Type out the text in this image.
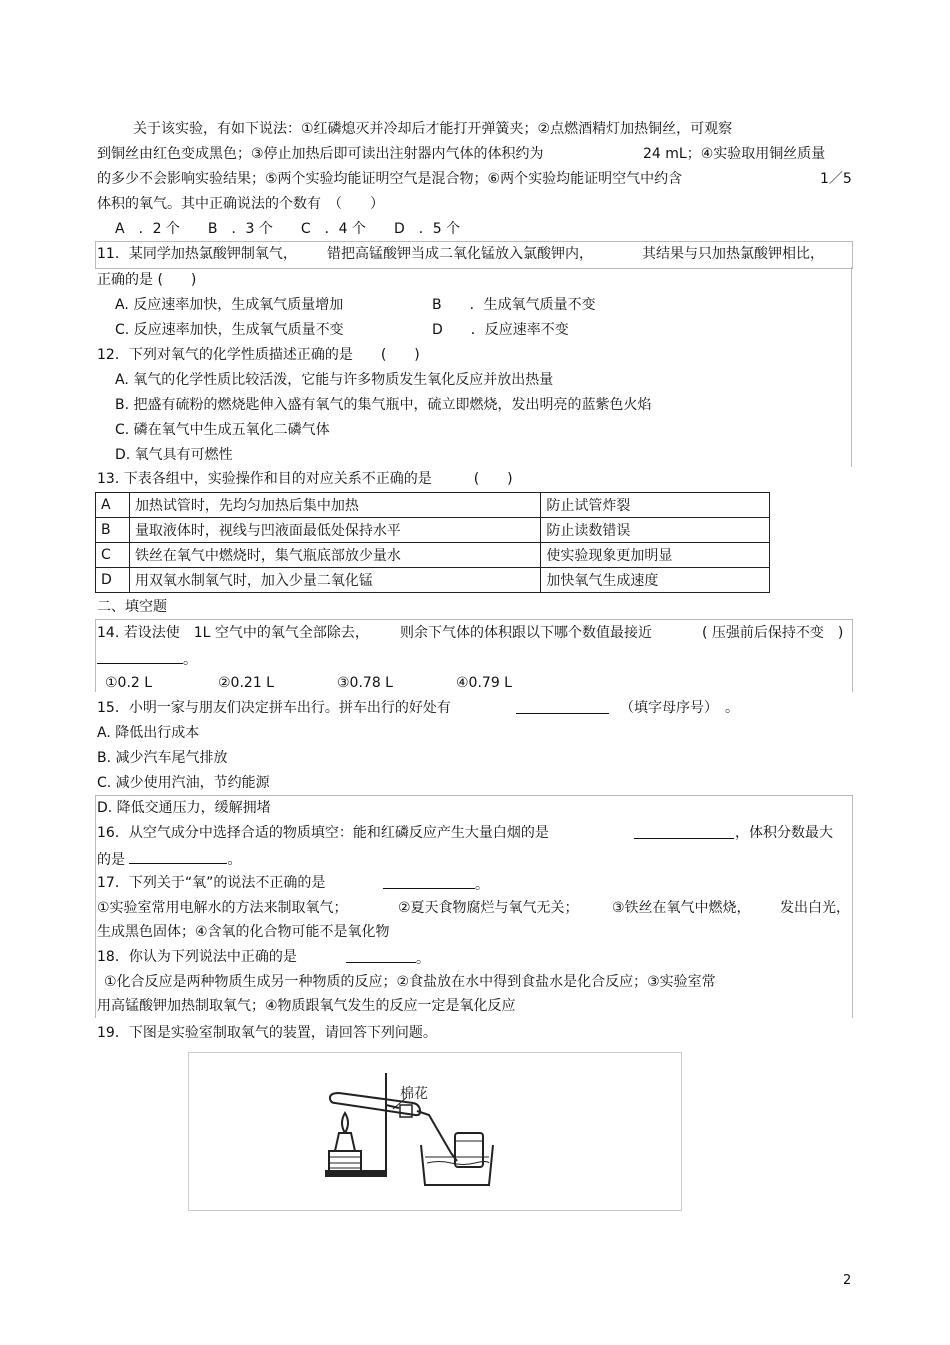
关于该实验，有如下说法：①红磷熄灭并冷却后才能打开弹簧夹；②点燃酒精灯加热铜丝，可观察
到铜丝由红色变成黑色；③停止加热后即可读出注射器内气体的体积约为	24 mL；④实验取用铜丝质量
的多少不会影响实验结果；⑤两个实验均能证明空气是混合物；⑥两个实验均能证明空气中约含	1／5
体积的氧气。其中正确说法的个数有　（　　）
A　．2 个　　B　．3 个　　C　．4 个　　D　．5 个
11．某同学加热氯酸钾制氧气， 错把高锰酸钾当成二氧化锰放入氯酸钾内，	其结果与只加热氯酸钾相比，
正确的是 (　　)
A. 反应速率加快，生成氧气质量增加	B　　．生成氧气质量不变
C. 反应速率加快，生成氧气质量不变	D　　．反应速率不变
12．下列对氧气的化学性质描述正确的是　　(　　)
A. 氧气的化学性质比较活泼，它能与许多物质发生氧化反应并放出热量
B. 把盛有硫粉的燃烧匙伸入盛有氧气的集气瓶中，硫立即燃烧，发出明亮的蓝紫色火焰
C. 磷在氧气中生成五氧化二磷气体
D. 氧气具有可燃性
13. 下表各组中，实验操作和目的对应关系不正确的是　　　(　　)
A	加热试管时，先均匀加热后集中加热	防止试管炸裂
B	量取液体时，视线与凹液面最低处保持水平	防止读数错误
C	铁丝在氧气中燃烧时，集气瓶底部放少量水	使实验现象更加明显
D	用双氧水制氧气时，加入少量二氧化锰	加快氧气生成速度
二、填空题
14. 若设法使　1L 空气中的氧气全部除去， 则余下气体的体积跟以下哪个数值最接近	( 压强前后保持不变　)
。
①0.2 L	②0.21 L	③0.78 L	④0.79 L
15．小明一家与朋友们决定拼车出行。拼车出行的好处有	（填字母序号）　。
A. 降低出行成本
B. 减少汽车尾气排放
C. 减少使用汽油，节约能源
D. 降低交通压力，缓解拥堵
16．从空气成分中选择合适的物质填空：能和红磷反应产生大量白烟的是	，体积分数最大
的是	。
17．下列关于“氧”的说法不正确的是	。
①实验室常用电解水的方法来制取氧气；	②夏天食物腐烂与氧气无关； ③铁丝在氧气中燃烧， 发出白光，
生成黑色固体；④含氧的化合物可能不是氧化物
18．你认为下列说法中正确的是	。
①化合反应是两种物质生成另一种物质的反应；②食盐放在水中得到食盐水是化合反应；③实验室常
用高锰酸钾加热制取氧气；④物质跟氧气发生的反应一定是氧化反应
19．下图是实验室制取氧气的装置，请回答下列问题。
棉花
2
